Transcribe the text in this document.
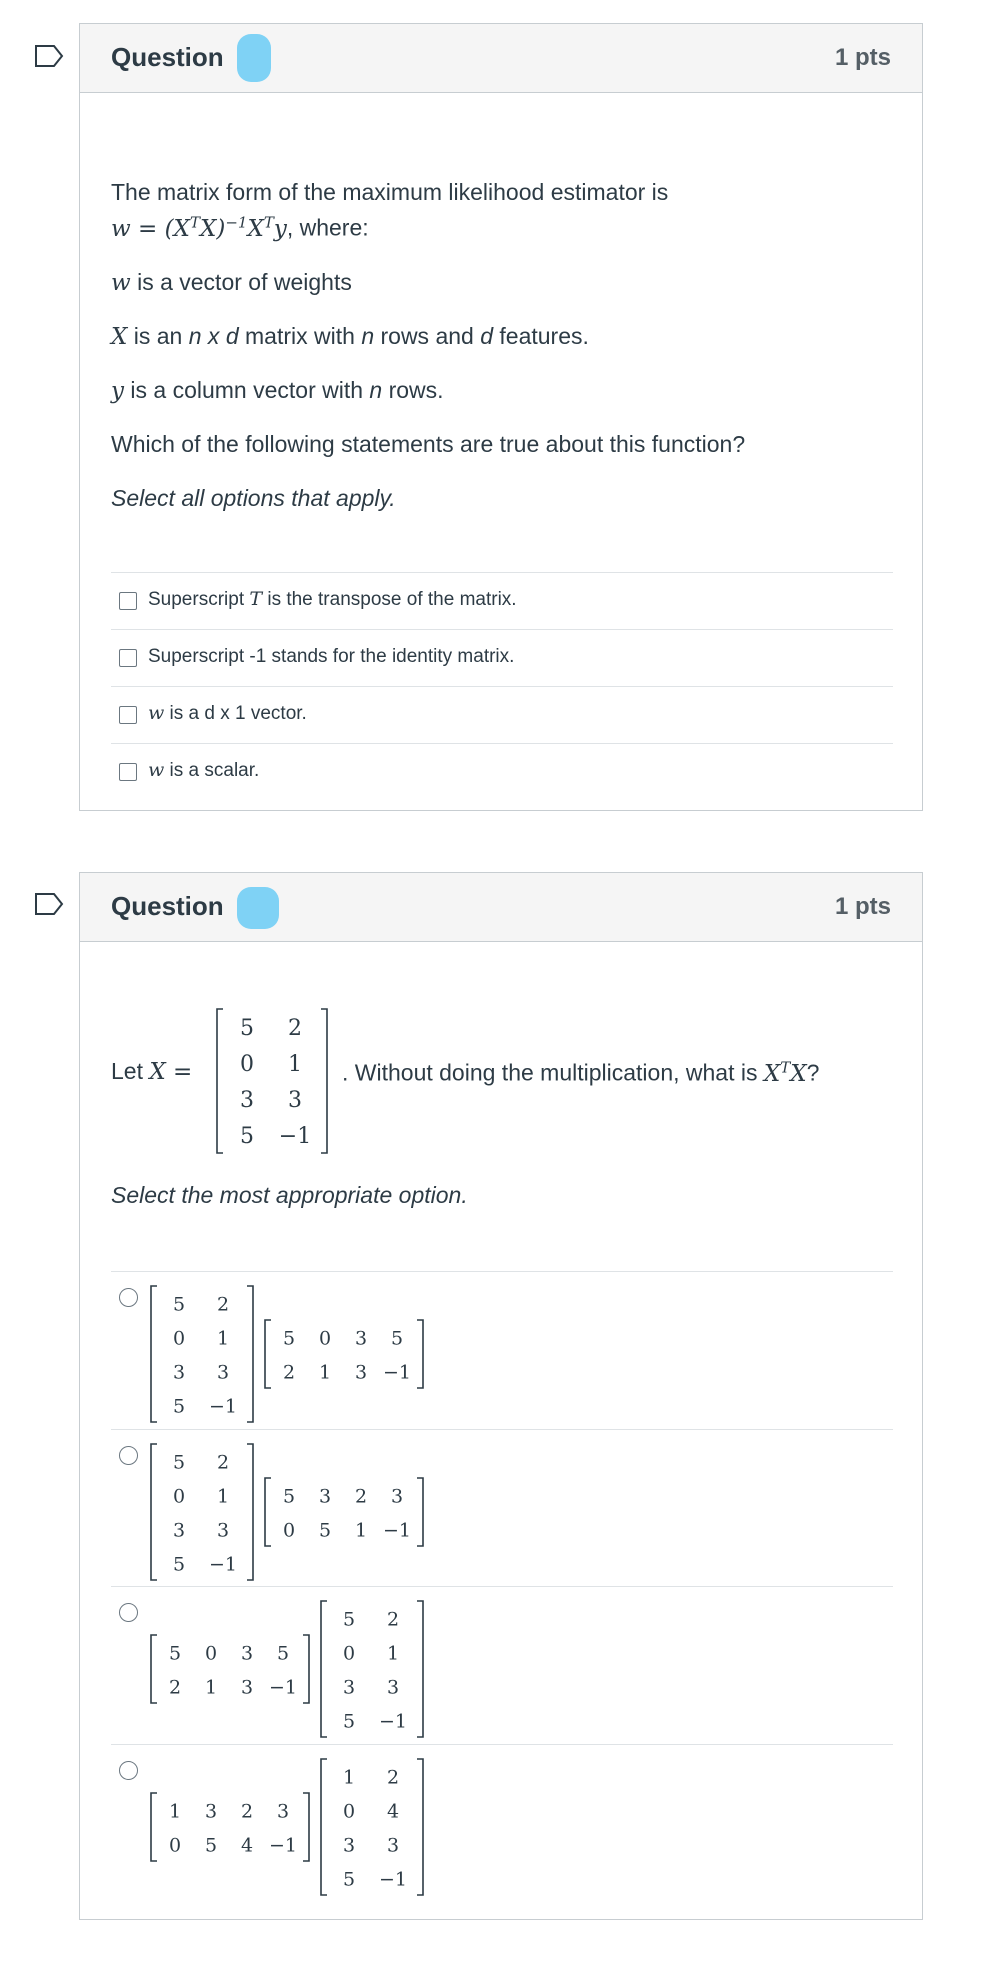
Question	1 pts
The matrix form of the maximum likelihood estimator is
$w = (X^TX)^{-1}X^Ty$, where:
w is a vector of weights
X is an n x d matrix with n rows and d features.
y is a column vector with n rows.
Which of the following statements are true about this function?
Select all options that apply.
Superscript T is the transpose of the matrix.
Superscript -1 stands for the identity matrix.
w is a d x 1 vector.
w is a scalar.
Question	1 pts
Let X =
5 2
0 1
3 3
5 −1
. Without doing the multiplication, what is $X^TX$?
Select the most appropriate option.
5 2
0 1
3 3
5 −1
5 0 3 5
2 1 3 −1
5 2
0 1
3 3
5 −1
5 3 2 3
0 5 1 −1
5 0 3 5
2 1 3 −1
5 2
0 1
3 3
5 −1
1 3 2 3
0 5 4 −1
1 2
0 4
3 3
5 −1
